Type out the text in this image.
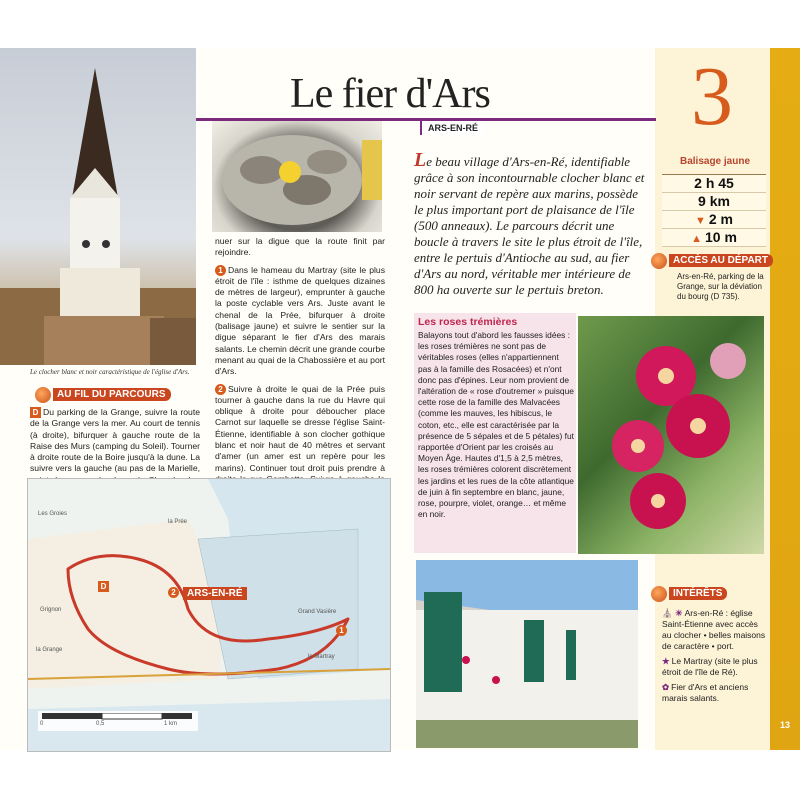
13
Le clocher blanc et noir caractéristique de l'église d'Ars.
Le fier d'Ars
ARS-EN-RÉ	3

Le beau village d'Ars-en-Ré, identifiable grâce à son incontournable clocher blanc et noir servant de repère aux marins, possède le plus important port de plaisance de l'île (500 anneaux). Le parcours décrit une boucle à travers le site le plus étroit de l'île, entre le pertuis d'Antioche au sud, au fier d'Ars au nord, véritable mer intérieure de 800 ha ouverte sur le pertuis breton.

Balisage jaune
2 h 45
9 km
▼ 2 m
▲ 10 m
ACCÈS AU DÉPART
Ars-en-Ré, parking de la Grange, sur la déviation du bourg (D 735).
AU FIL DU PARCOURS
D Du parking de la Grange, suivre la route de la Grange vers la mer. Au court de tennis (à droite), bifurquer à gauche route de la Raise des Murs (camping du Soleil). Tourner à droite route de la Boire jusqu'à la dune. La suivre vers la gauche (au pas de la Marielle,

nuer sur la digue que la route finit par rejoindre.

1 Dans le hameau du Martray (site le plus étroit de l'île : isthme de quelques dizaines de mètres de largeur), emprunter à gauche la poste cyclable vers Ars. Juste avant le chenal de la Prée, bifurquer à droite (balisage jaune) et suivre le sentier sur la digue séparant le fier d'Ars des marais salants. Le chemin décrit une grande courbe menant au quai de la Chabossière et au port d'Ars.

2 Suivre à droite le quai de la Prée puis tourner à gauche dans la rue du Havre qui oblique à droite pour déboucher place Carnot sur laquelle se dresse l'église Saint-Étienne, identifiable à son clocher gothique blanc et noir haut de 40 mètres et servant d'amer (un amer est un repère pour les marins). Continuer tout droit puis prendre à

Les roses trémières
Balayons tout d'abord les fausses idées : les roses trémières ne sont pas de véritables roses (elles n'appartiennent pas à la famille des Rosacées) et n'ont donc pas d'épines. Leur nom provient de l'altération de « rose d'outremer » puisque cette rose de la famille des Malvacées (comme les mauves, les hibiscus, le coton, etc., elle est caractérisée par la présence de 5 sépales et de 5 pétales) fut rapportée d'Orient par les croisés au Moyen Âge. Hautes d'1,5 à 2,5 mètres, les roses trémières colorent discrètement les jardins et les rues de la côte atlantique de juin à fin septembre en blanc, jaune, rose, pourpre, violet, orange… et même en noir.
Les Groies
Grignon
la Grange
la Prée
Grand Vasière
le Martray
ARS-EN-RÉ
D
1
2
0	0,5	1 km
INTÉRÊTS

⛪ ☀ Ars-en-Ré : église Saint-Étienne avec accès au clocher • belles maisons de caractère • port.

★ Le Martray (site le plus étroit de l'île de Ré).

✿ Fier d'Ars et anciens marais salants.
